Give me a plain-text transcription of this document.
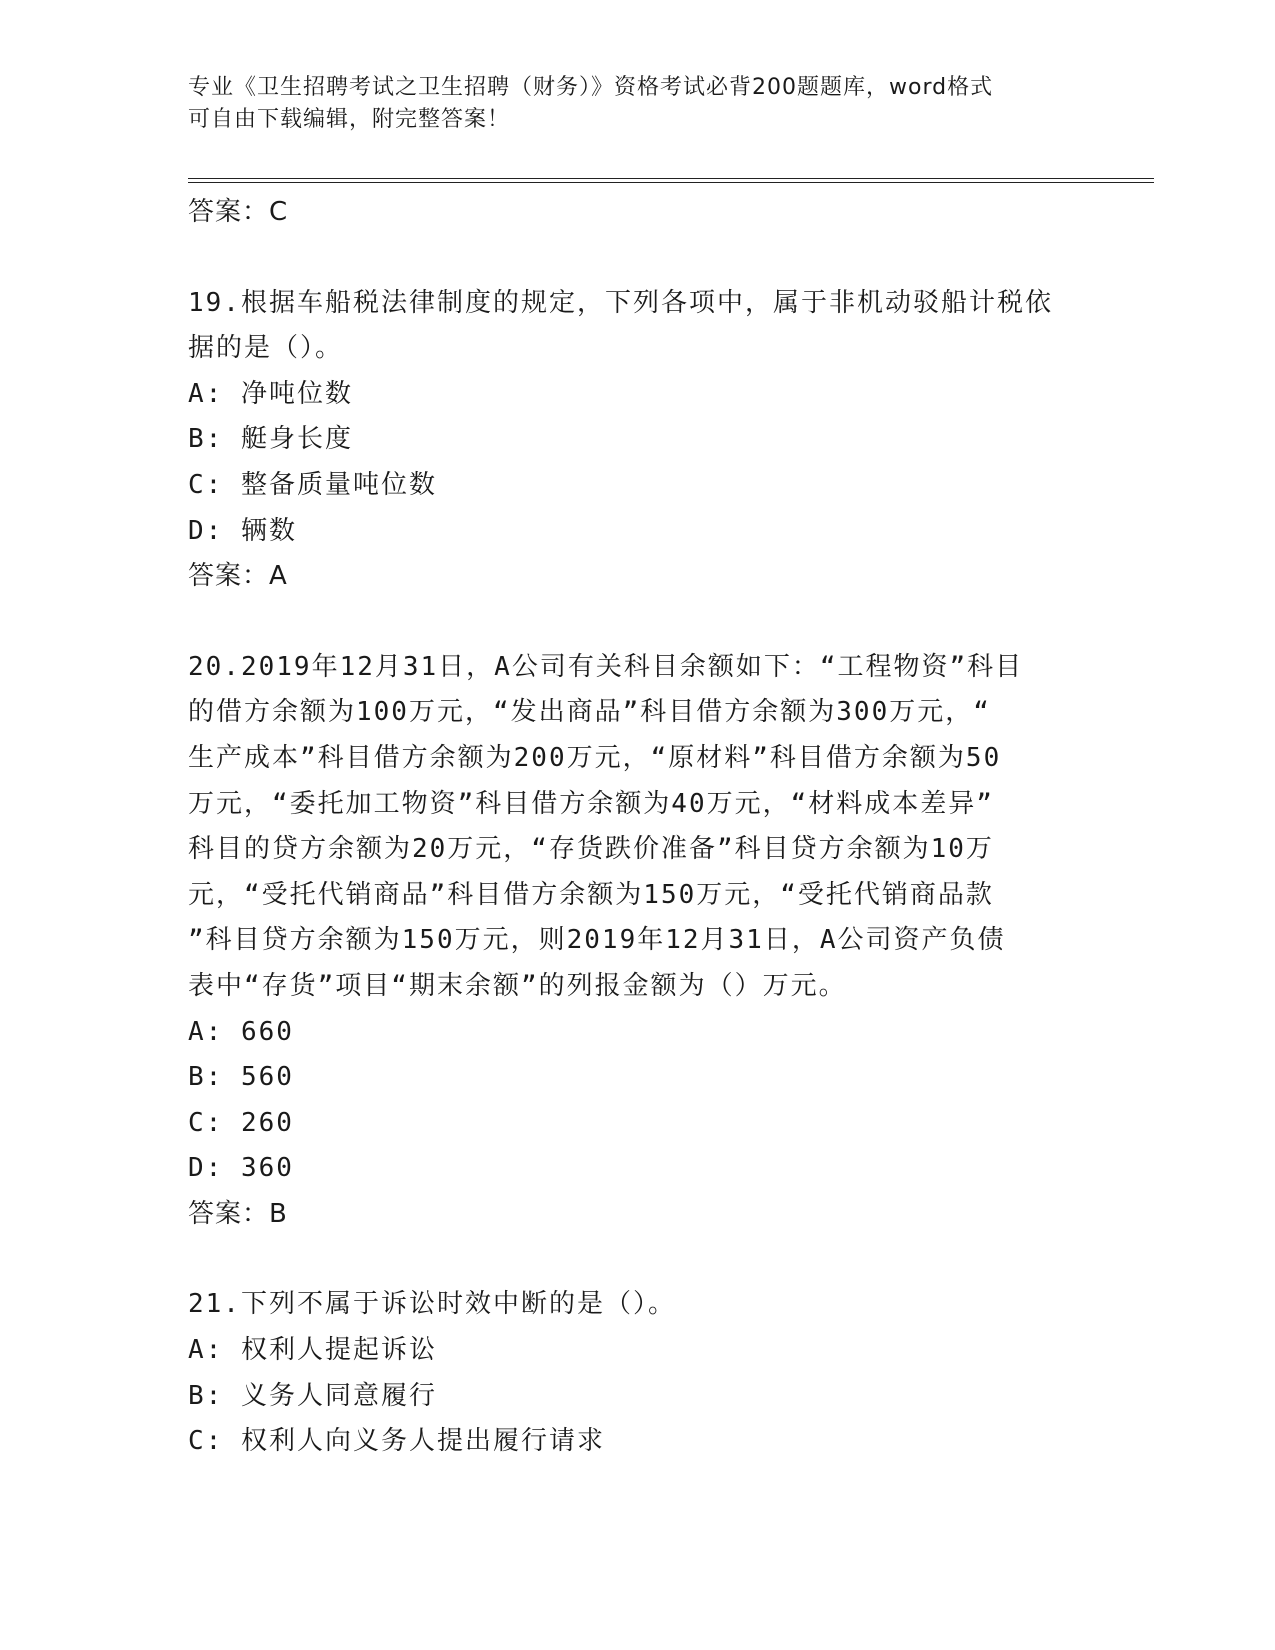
专业《卫生招聘考试之卫生招聘（财务）》资格考试必背200题题库，word格式
可自由下载编辑，附完整答案！
答案：C
19.根据车船税法律制度的规定，下列各项中，属于非机动驳船计税依
据的是（）。
A: 净吨位数
B: 艇身长度
C: 整备质量吨位数
D: 辆数
答案：A
20.2019年12月31日，A公司有关科目余额如下：“工程物资”科目
的借方余额为100万元，“发出商品”科目借方余额为300万元，“
生产成本”科目借方余额为200万元，“原材料”科目借方余额为50
万元，“委托加工物资”科目借方余额为40万元，“材料成本差异”
科目的贷方余额为20万元，“存货跌价准备”科目贷方余额为10万
元，“受托代销商品”科目借方余额为150万元，“受托代销商品款
”科目贷方余额为150万元，则2019年12月31日，A公司资产负债
表中“存货”项目“期末余额”的列报金额为（）万元。
A: 660
B: 560
C: 260
D: 360
答案：B
21.下列不属于诉讼时效中断的是（）。
A: 权利人提起诉讼
B: 义务人同意履行
C: 权利人向义务人提出履行请求
